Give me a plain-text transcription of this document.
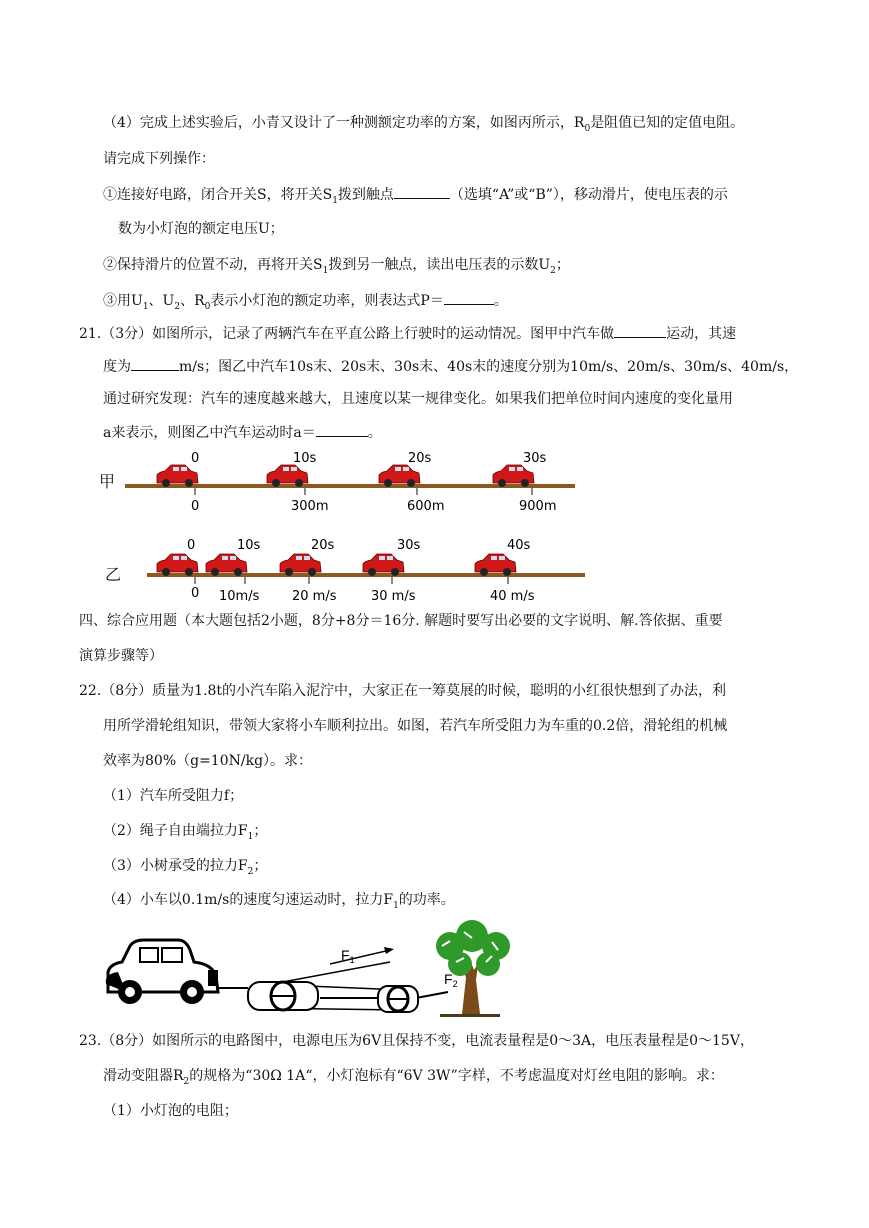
（4）完成上述实验后，小青又设计了一种测额定功率的方案，如图丙所示，$R_0$是阻值已知的定值电阻。
请完成下列操作：
①连接好电路，闭合开关S，将开关$S_1$拨到触点	（选填“A”或“B”），移动滑片，使电压表的示
数为小灯泡的额定电压U；
②保持滑片的位置不动，再将开关$S_1$拨到另一触点，读出电压表的示数$U_2$；
③用$U_1$、$U_2$、$R_0$表示小灯泡的额定功率，则表达式P＝	。
21.（3分）如图所示，记录了两辆汽车在平直公路上行驶时的运动情况。图甲中汽车做	运动，其速
度为	m/s；图乙中汽车10s末、20s末、30s末、40s末的速度分别为10m/s、20m/s、30m/s、40m/s，
通过研究发现：汽车的速度越来越大，且速度以某一规律变化。如果我们把单位时间内速度的变化量用
a来表示，则图乙中汽车运动时a＝	。
甲
0	10s	20s	30s
0	300m	600m	900m
乙
0	10s	20s	30s	40s
0 10m/s	20 m/s	30 m/s	40 m/s
四、综合应用题（本大题包括2小题，8分+8分＝16分. 解题时要写出必要的文字说明、解.答依据、重要
演算步骤等）
22.（8分）质量为1.8t的小汽车陷入泥泞中，大家正在一筹莫展的时候，聪明的小红很快想到了办法，利
用所学滑轮组知识，带领大家将小车顺利拉出。如图，若汽车所受阻力为车重的0.2倍，滑轮组的机械
效率为80%（g=10N/kg）。求：
（1）汽车所受阻力f；
（2）绳子自由端拉力$F_1$；
（3）小树承受的拉力$F_2$；
（4）小车以0.1m/s的速度匀速运动时，拉力$F_1$的功率。
$F_1$
$F_2$
23.（8分）如图所示的电路图中，电源电压为6V且保持不变，电流表量程是0～3A，电压表量程是0～15V，
滑动变阻器$R_2$的规格为“30Ω 1A“，小灯泡标有“6V 3W”字样，不考虑温度对灯丝电阻的影响。求：
（1）小灯泡的电阻；
